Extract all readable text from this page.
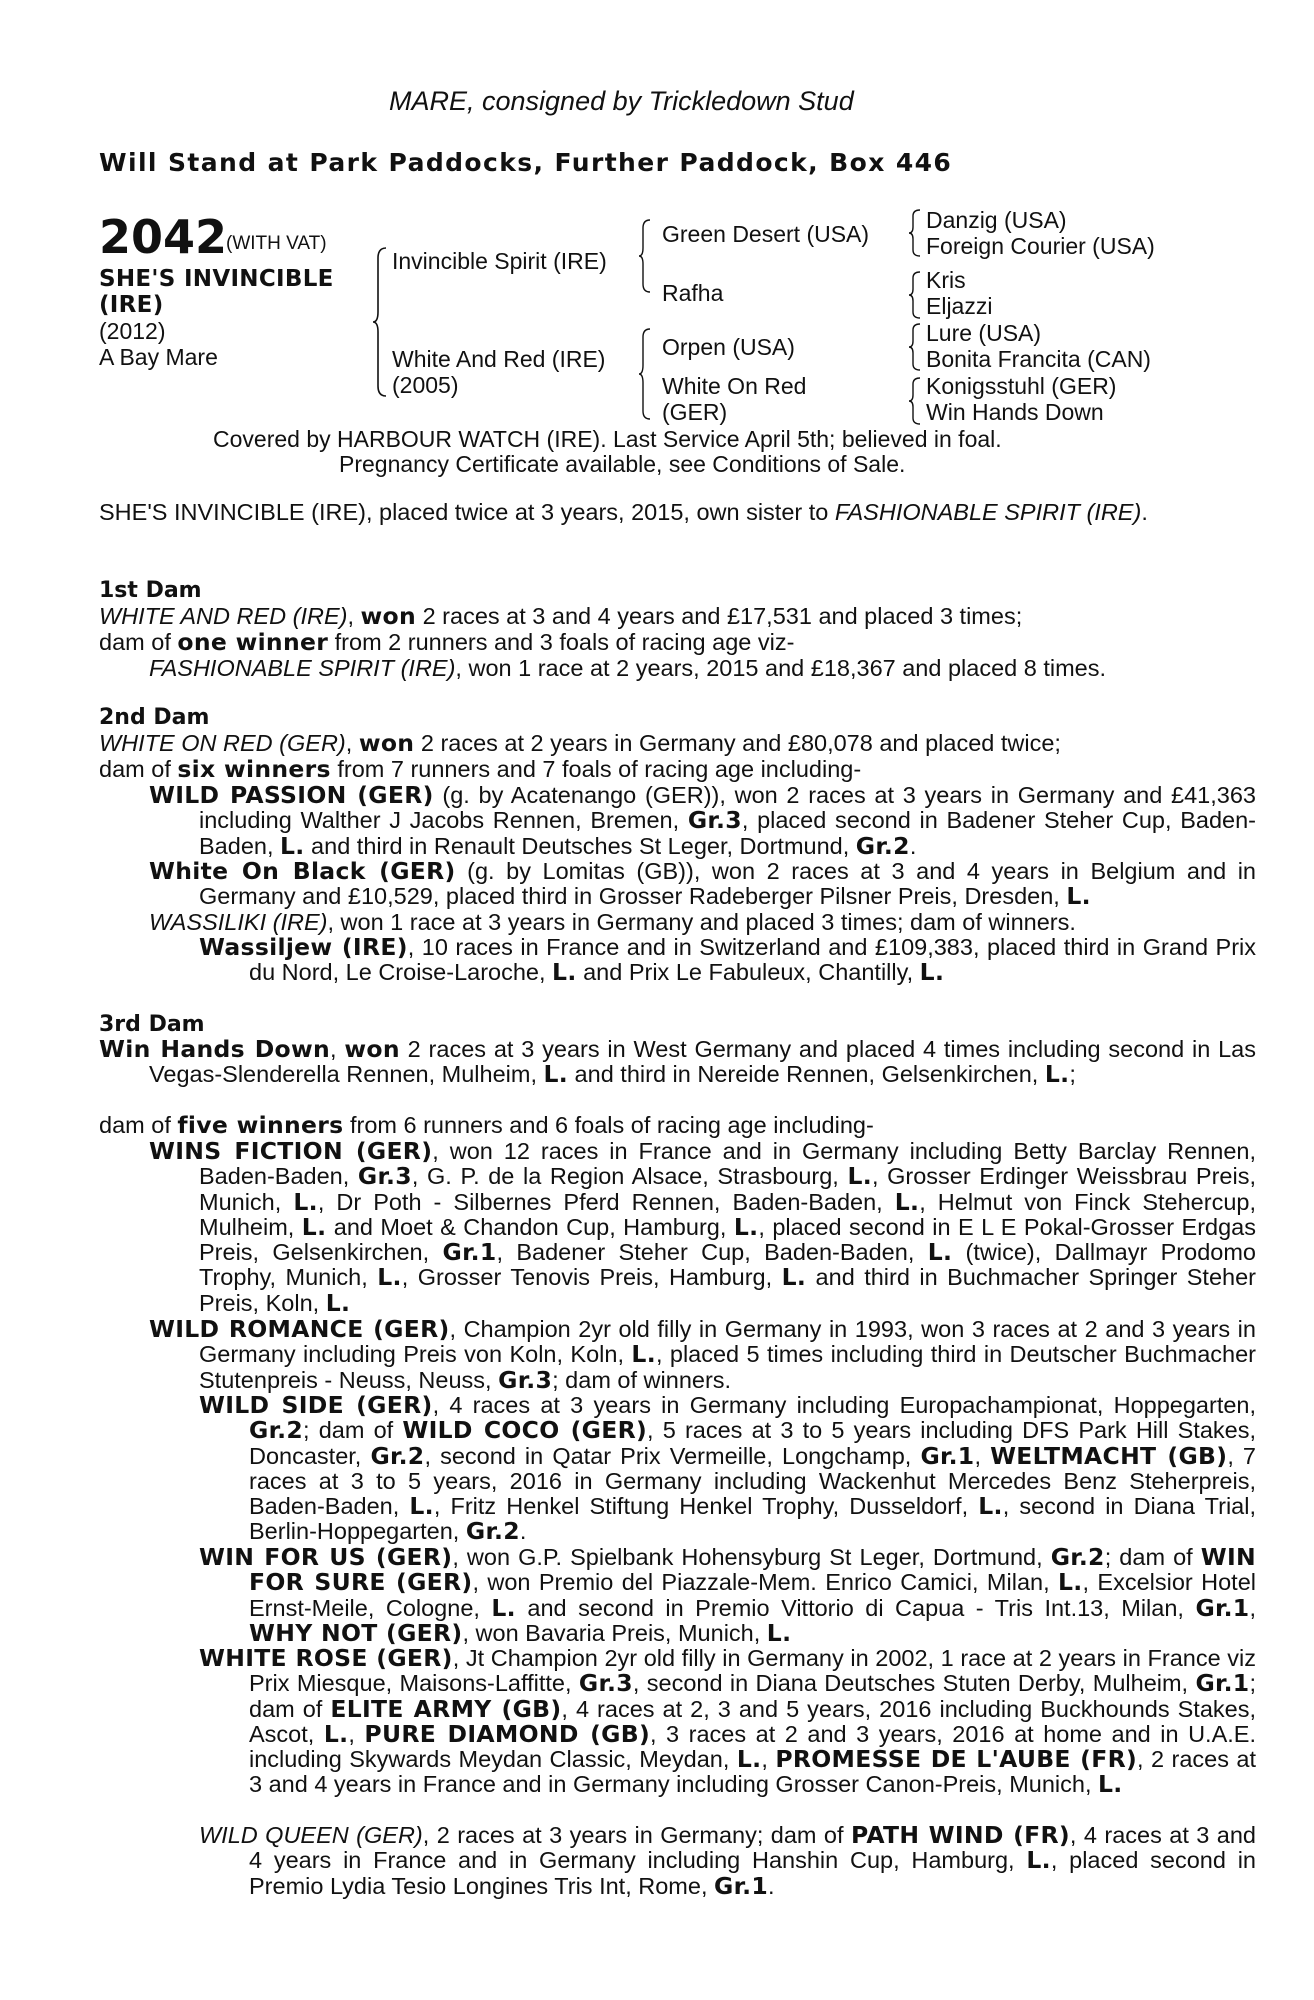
MARE, consigned by Trickledown Stud
Will Stand at Park Paddocks, Further Paddock, Box 446
2042
(WITH VAT)
SHE'S INVINCIBLE
(IRE)
(2012)
A Bay Mare
Invincible Spirit (IRE)
White And Red (IRE)
(2005)
Green Desert (USA)
Rafha
Orpen (USA)
White On Red
(GER)
Danzig (USA)
Foreign Courier (USA)
Kris
Eljazzi
Lure (USA)
Bonita Francita (CAN)
Konigsstuhl (GER)
Win Hands Down
Covered by HARBOUR WATCH (IRE). Last Service April 5th; believed in foal.
Pregnancy Certificate available, see Conditions of Sale.
SHE'S INVINCIBLE (IRE), placed twice at 3 years, 2015, own sister to FASHIONABLE SPIRIT (IRE).
1st Dam
WHITE AND RED (IRE), won 2 races at 3 and 4 years and £17,531 and placed 3 times;
dam of one winner from 2 runners and 3 foals of racing age viz-
FASHIONABLE SPIRIT (IRE), won 1 race at 2 years, 2015 and £18,367 and placed 8 times.
2nd Dam
WHITE ON RED (GER), won 2 races at 2 years in Germany and £80,078 and placed twice;
dam of six winners from 7 runners and 7 foals of racing age including-
WILD PASSION (GER) (g. by Acatenango (GER)), won 2 races at 3 years in Germany and £41,363 including Walther J Jacobs Rennen, Bremen, Gr.3, placed second in Badener Steher Cup, Baden-Baden, L. and third in Renault Deutsches St Leger, Dortmund, Gr.2.
White On Black (GER) (g. by Lomitas (GB)), won 2 races at 3 and 4 years in Belgium and in Germany and £10,529, placed third in Grosser Radeberger Pilsner Preis, Dresden, L.
WASSILIKI (IRE), won 1 race at 3 years in Germany and placed 3 times; dam of winners.
Wassiljew (IRE), 10 races in France and in Switzerland and £109,383, placed third in Grand Prix du Nord, Le Croise-Laroche, L. and Prix Le Fabuleux, Chantilly, L.
3rd Dam
Win Hands Down, won 2 races at 3 years in West Germany and placed 4 times including second in Las Vegas-Slenderella Rennen, Mulheim, L. and third in Nereide Rennen, Gelsenkirchen, L.;
dam of five winners from 6 runners and 6 foals of racing age including-
WINS FICTION (GER), won 12 races in France and in Germany including Betty Barclay Rennen, Baden-Baden, Gr.3, G. P. de la Region Alsace, Strasbourg, L., Grosser Erdinger Weissbrau Preis, Munich, L., Dr Poth - Silbernes Pferd Rennen, Baden-Baden, L., Helmut von Finck Stehercup, Mulheim, L. and Moet & Chandon Cup, Hamburg, L., placed second in E L E Pokal-Grosser Erdgas Preis, Gelsenkirchen, Gr.1, Badener Steher Cup, Baden-Baden, L. (twice), Dallmayr Prodomo Trophy, Munich, L., Grosser Tenovis Preis, Hamburg, L. and third in Buchmacher Springer Steher Preis, Koln, L.
WILD ROMANCE (GER), Champion 2yr old filly in Germany in 1993, won 3 races at 2 and 3 years in Germany including Preis von Koln, Koln, L., placed 5 times including third in Deutscher Buchmacher Stutenpreis - Neuss, Neuss, Gr.3; dam of winners.
WILD SIDE (GER), 4 races at 3 years in Germany including Europachampionat, Hoppegarten, Gr.2; dam of WILD COCO (GER), 5 races at 3 to 5 years including DFS Park Hill Stakes, Doncaster, Gr.2, second in Qatar Prix Vermeille, Longchamp, Gr.1, WELTMACHT (GB), 7 races at 3 to 5 years, 2016 in Germany including Wackenhut Mercedes Benz Steherpreis, Baden-Baden, L., Fritz Henkel Stiftung Henkel Trophy, Dusseldorf, L., second in Diana Trial, Berlin-Hoppegarten, Gr.2.
WIN FOR US (GER), won G.P. Spielbank Hohensyburg St Leger, Dortmund, Gr.2; dam of WIN FOR SURE (GER), won Premio del Piazzale-Mem. Enrico Camici, Milan, L., Excelsior Hotel Ernst-Meile, Cologne, L. and second in Premio Vittorio di Capua - Tris Int.13, Milan, Gr.1, WHY NOT (GER), won Bavaria Preis, Munich, L.
WHITE ROSE (GER), Jt Champion 2yr old filly in Germany in 2002, 1 race at 2 years in France viz Prix Miesque, Maisons-Laffitte, Gr.3, second in Diana Deutsches Stuten Derby, Mulheim, Gr.1; dam of ELITE ARMY (GB), 4 races at 2, 3 and 5 years, 2016 including Buckhounds Stakes, Ascot, L., PURE DIAMOND (GB), 3 races at 2 and 3 years, 2016 at home and in U.A.E. including Skywards Meydan Classic, Meydan, L., PROMESSE DE L'AUBE (FR), 2 races at 3 and 4 years in France and in Germany including Grosser Canon-Preis, Munich, L.
WILD QUEEN (GER), 2 races at 3 years in Germany; dam of PATH WIND (FR), 4 races at 3 and 4 years in France and in Germany including Hanshin Cup, Hamburg, L., placed second in Premio Lydia Tesio Longines Tris Int, Rome, Gr.1.
